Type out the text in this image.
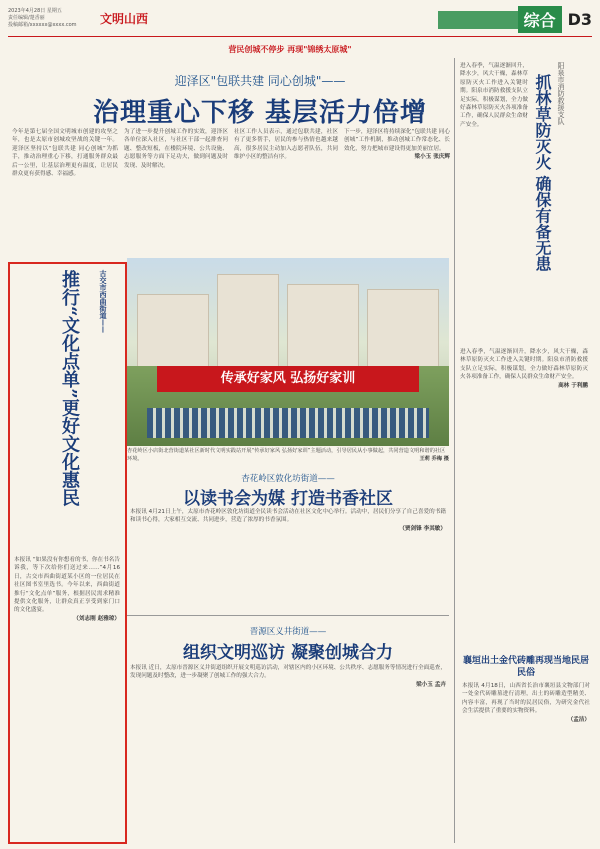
2023年4月28日 星期五
责任编辑/楚香丽
投稿邮箱/xxxxxx@xxxx.com 文明山西	综合 D3
营民创城不停步 再现"锦绣太原城"
迎泽区"包联共建 同心创城"——
治理重心下移 基层活力倍增

今年是第七届全国文明城市创建的攻坚之年，也是太原市创城攻坚战的关键一年。迎泽区坚持以“包联共建 同心创城”为抓手，推动治理重心下移，打通服务群众最后一公里，让基层治理更有温度，让居民群众更有获得感、幸福感。

为了进一步提升创城工作的实效，迎泽区各单位深入社区，与社区干部一起排查问题、整改短板，在楼院环境、公共设施、志愿服务等方面下足功夫，做到问题及时发现、及时解决。

社区工作人员表示，通过包联共建，社区有了更多帮手，居民的参与热情也越来越高，很多居民主动加入志愿者队伍，共同维护小区的整洁有序。

下一步，迎泽区将持续深化“包联共建 同心创城”工作机制，推动创城工作常态化、长效化，努力把城市建设得更加美丽宜居。

梁小玉 张庆辉

传承好家风 弘扬好家训
杏花岭区小店街北营街道某社区新时代文明实践站开展“传承好家风 弘扬好家训”主题活动，引导居民从小事做起，共同营造文明和谐的社区环境。	王莉 乔梅 摄
杏花岭区敦化坊街道——
以读书会为媒 打造书香社区

本报讯 4月21日上午，太原市杏花岭区敦化坊街道全民读书会活动在社区文化中心举行。活动中，居民们分享了自己喜爱的书籍和读书心得，大家相互交流、共同进步，营造了浓厚的书香氛围。

（贾剑锋 李其敏）

晋源区义井街道——
组织文明巡访 凝聚创城合力

本报讯 近日，太原市晋源区义井街道组织开展文明巡访活动，对辖区内的小区环境、公共秩序、志愿服务等情况进行全面巡查，发现问题及时整改，进一步凝聚了创城工作的强大合力。

梁小玉 孟卉

古交市西曲街道——
推行“文化点单”更好文化惠民

本报讯 “如果没有你想看的书，你在书名告诉我，等下次给你们送过来……”4月16日，古交市西曲街道某小区的一位居民在社区图书室里选书。今年以来，西曲街道推行“文化点单”服务，根据居民需求精准提供文化服务，让群众真正享受到家门口的文化盛宴。

（刘志刚 赵雅琼）

阳泉市消防救援支队
抓林草防灭火 确保有备无患

进入春季，气温逐渐回升，降水少，风大干燥，森林草原防灭火工作进入关键时期。阳泉市消防救援支队立足实际，积极谋划，全力做好森林草原防灭火各项准备工作，确保人民群众生命财产安全。

进入春季，气温逐渐回升，降水少，风大干燥，森林草原防灭火工作进入关键时期。阳泉市消防救援支队立足实际，积极谋划，全力做好森林草原防灭火各项准备工作，确保人民群众生命财产安全。

高林 于利鹏

襄垣出土金代砖雕再现当地民居民俗

本报讯 4月18日，山西省长治市襄垣县文物部门对一处金代砖雕墓进行清理，出土的砖雕造型精美、内容丰富，再现了当时的民居民俗，为研究金代社会生活提供了重要的实物资料。

（孟洁）
